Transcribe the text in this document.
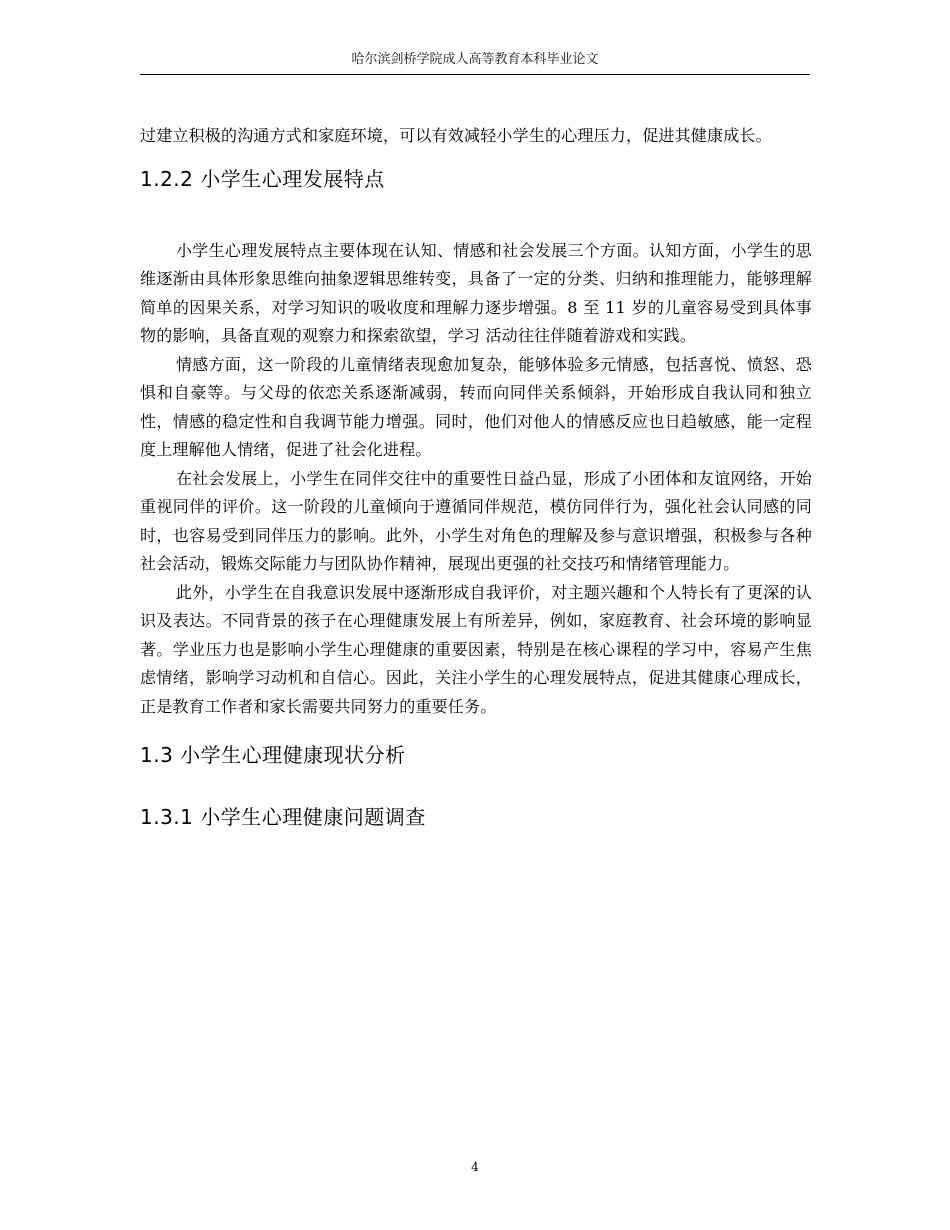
哈尔滨剑桥学院成人高等教育本科毕业论文

过建立积极的沟通方式和家庭环境，可以有效减轻小学生的心理压力，促进其健康成长。

1.2.2 小学生心理发展特点

小学生心理发展特点主要体现在认知、情感和社会发展三个方面。认知方面，小学生的思维逐渐由具体形象思维向抽象逻辑思维转变，具备了一定的分类、归纳和推理能力，能够理解简单的因果关系，对学习知识的吸收度和理解力逐步增强。8 至 11 岁的儿童容易受到具体事物的影响，具备直观的观察力和探索欲望，学习 活动往往伴随着游戏和实践。

情感方面，这一阶段的儿童情绪表现愈加复杂，能够体验多元情感，包括喜悦、愤怒、恐惧和自豪等。与父母的依恋关系逐渐减弱，转而向同伴关系倾斜，开始形成自我认同和独立性，情感的稳定性和自我调节能力增强。同时，他们对他人的情感反应也日趋敏感，能一定程度上理解他人情绪，促进了社会化进程。

在社会发展上，小学生在同伴交往中的重要性日益凸显，形成了小团体和友谊网络，开始重视同伴的评价。这一阶段的儿童倾向于遵循同伴规范，模仿同伴行为，强化社会认同感的同时，也容易受到同伴压力的影响。此外，小学生对角色的理解及参与意识增强，积极参与各种社会活动，锻炼交际能力与团队协作精神，展现出更强的社交技巧和情绪管理能力。

此外，小学生在自我意识发展中逐渐形成自我评价，对主题兴趣和个人特长有了更深的认识及表达。不同背景的孩子在心理健康发展上有所差异，例如，家庭教育、社会环境的影响显著。学业压力也是影响小学生心理健康的重要因素，特别是在核心课程的学习中，容易产生焦虑情绪，影响学习动机和自信心。因此，关注小学生的心理发展特点，促进其健康心理成长，正是教育工作者和家长需要共同努力的重要任务。

1.3 小学生心理健康现状分析
1.3.1 小学生心理健康问题调查
4
